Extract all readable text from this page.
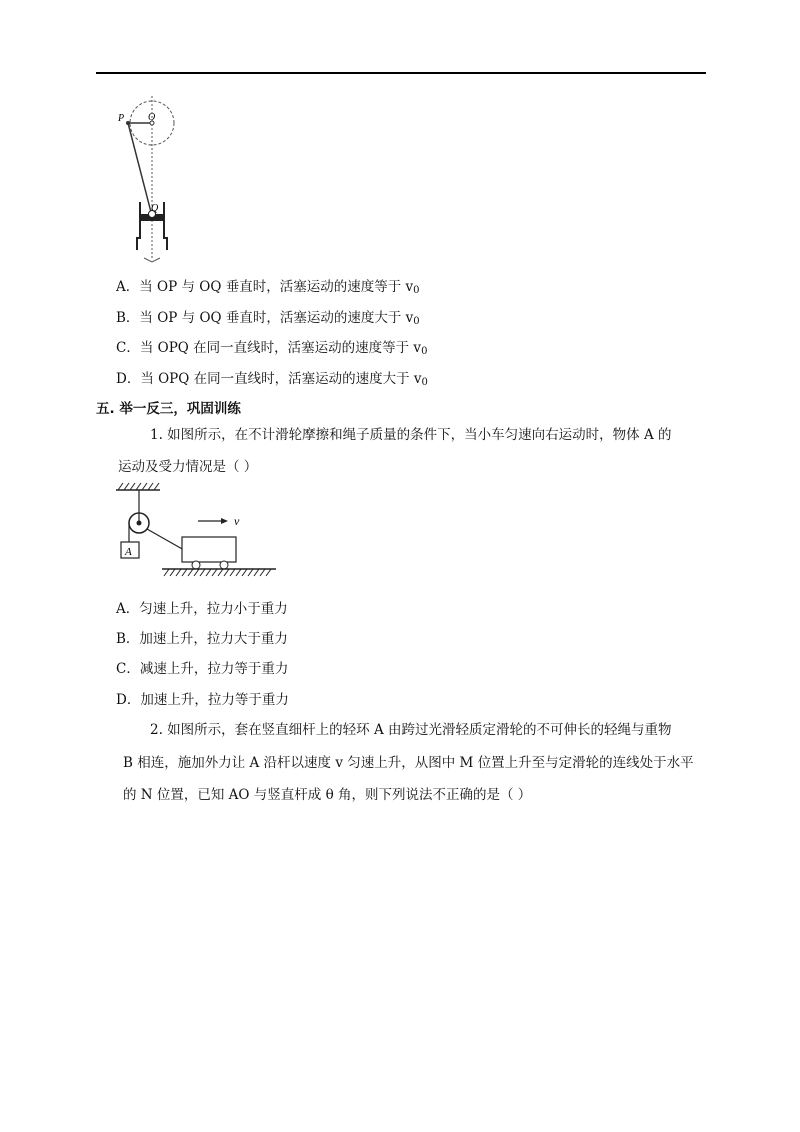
P O
Q
A．当 OP 与 OQ 垂直时，活塞运动的速度等于 $v_0$
B．当 OP 与 OQ 垂直时，活塞运动的速度大于 $v_0$
C．当 OPQ 在同一直线时，活塞运动的速度等于 $v_0$
D．当 OPQ 在同一直线时，活塞运动的速度大于 $v_0$
五. 举一反三，巩固训练
1. 如图所示，在不计滑轮摩擦和绳子质量的条件下，当小车匀速向右运动时，物体 A 的
运动及受力情况是（ ）
A
v
A．匀速上升，拉力小于重力
B．加速上升，拉力大于重力
C．减速上升，拉力等于重力
D．加速上升，拉力等于重力
2. 如图所示，套在竖直细杆上的轻环 A 由跨过光滑轻质定滑轮的不可伸长的轻绳与重物
B 相连，施加外力让 A 沿杆以速度 v 匀速上升，从图中 M 位置上升至与定滑轮的连线处于水平
的 N 位置，已知 AO 与竖直杆成 θ 角，则下列说法不正确的是（ ）
